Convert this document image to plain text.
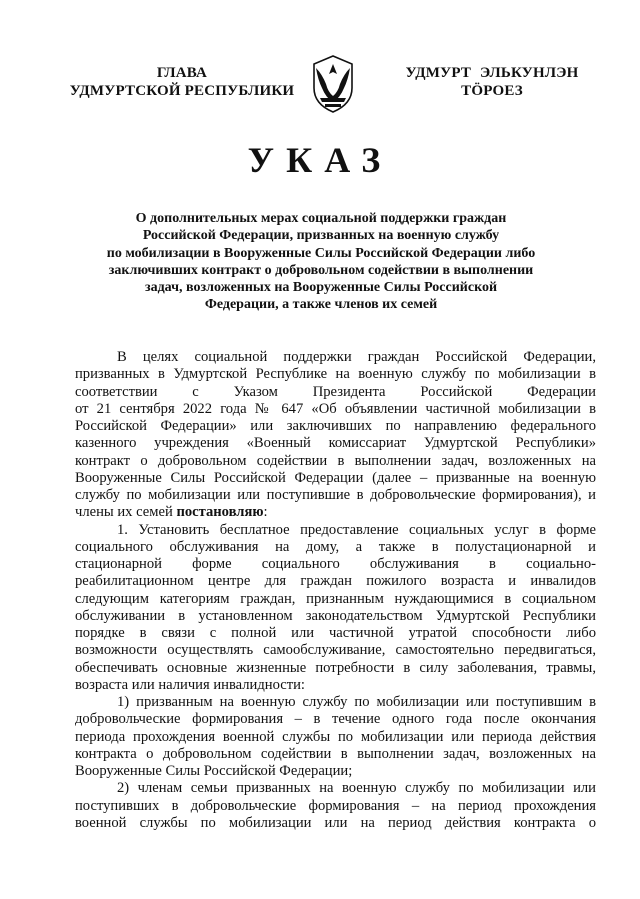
ГЛАВА
УДМУРТСКОЙ РЕСПУБЛИКИ
УДМУРТ ЭЛЬКУНЛЭН
ТӦРОЕЗ
УКАЗ
О дополнительных мерах социальной поддержки граждан
Российской Федерации, призванных на военную службу
по мобилизации в Вооруженные Силы Российской Федерации либо
заключивших контракт о добровольном содействии в выполнении
задач, возложенных на Вооруженные Силы Российской
Федерации, а также членов их семей
В целях социальной поддержки граждан Российской Федерации,
призванных в Удмуртской Республике на военную службу по мобилизации в
соответствии с Указом Президента Российской Федерации
от 21 сентября 2022 года № 647 «Об объявлении частичной мобилизации в
Российской Федерации» или заключивших по направлению федерального
казенного учреждения «Военный комиссариат Удмуртской Республики»
контракт о добровольном содействии в выполнении задач, возложенных на
Вооруженные Силы Российской Федерации (далее – призванные на военную
службу по мобилизации или поступившие в добровольческие формирования), и
члены их семей постановляю:
1. Установить бесплатное предоставление социальных услуг в форме
социального обслуживания на дому, а также в полустационарной и
стационарной форме социального обслуживания в социально-
реабилитационном центре для граждан пожилого возраста и инвалидов
следующим категориям граждан, признанным нуждающимися в социальном
обслуживании в установленном законодательством Удмуртской Республики
порядке в связи с полной или частичной утратой способности либо
возможности осуществлять самообслуживание, самостоятельно передвигаться,
обеспечивать основные жизненные потребности в силу заболевания, травмы,
возраста или наличия инвалидности:
1) призванным на военную службу по мобилизации или поступившим в
добровольческие формирования – в течение одного года после окончания
периода прохождения военной службы по мобилизации или периода действия
контракта о добровольном содействии в выполнении задач, возложенных на
Вооруженные Силы Российской Федерации;
2) членам семьи призванных на военную службу по мобилизации или
поступивших в добровольческие формирования – на период прохождения
военной службы по мобилизации или на период действия контракта о
